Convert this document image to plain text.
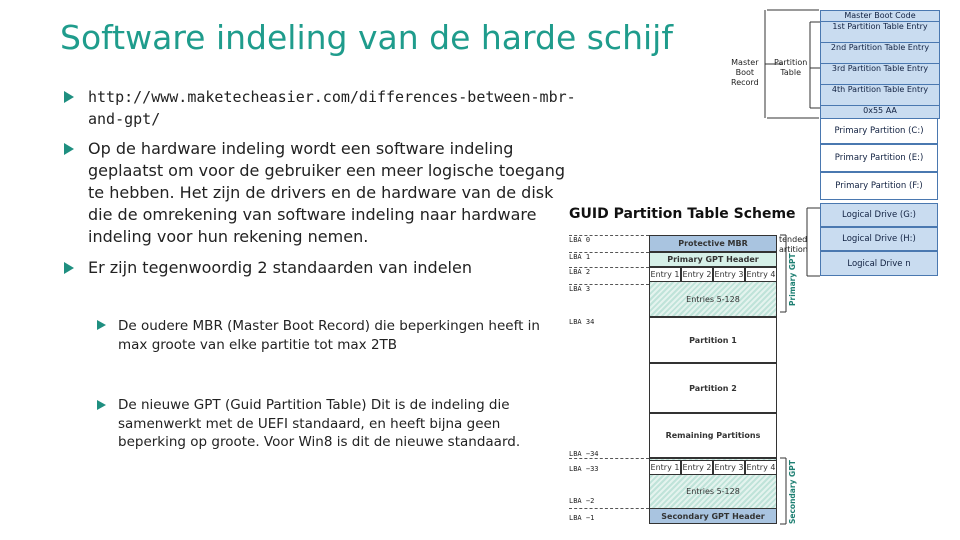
Software indeling van de harde schijf
http://www.maketecheasier.com/differences-between-mbr-
and-gpt/
Op de hardware indeling wordt een software indeling
geplaatst om voor de gebruiker een meer logische toegang
te hebben. Het zijn de drivers en de hardware van de disk
die de omrekening van software indeling naar hardware
indeling voor hun rekening nemen.
Er zijn tegenwoordig 2 standaarden van indelen
De oudere MBR (Master Boot Record) die beperkingen heeft in
max groote van elke partitie tot max 2TB
De nieuwe GPT (Guid Partition Table) Dit is de indeling die
samenwerkt met de UEFI standaard, en heeft bijna geen
beperking op groote. Voor Win8 is dit de nieuwe standaard.
Master
Boot
Record
Partition
Table
Master Boot Code
1st Partition Table Entry
2nd Partition Table Entry
3rd Partition Table Entry
4th Partition Table Entry
0x55 AA
Primary Partition (C:)
Primary Partition (E:)
Primary Partition (F:)
Logical Drive (G:)
Logical Drive (H:)
Logical Drive n
tended
artition
GUID Partition Table Scheme
Protective MBR
Primary GPT Header
Entry 1 Entry 2 Entry 3 Entry 4
Entries 5-128
Partition 1
Partition 2
Remaining Partitions
Entry 1 Entry 2 Entry 3 Entry 4
Entries 5-128
Secondary GPT Header
LBA 0
LBA 1
LBA 2
LBA 3
LBA 34
LBA −34
LBA −33
LBA −2
LBA −1
Primary GPT
Secondary GPT
